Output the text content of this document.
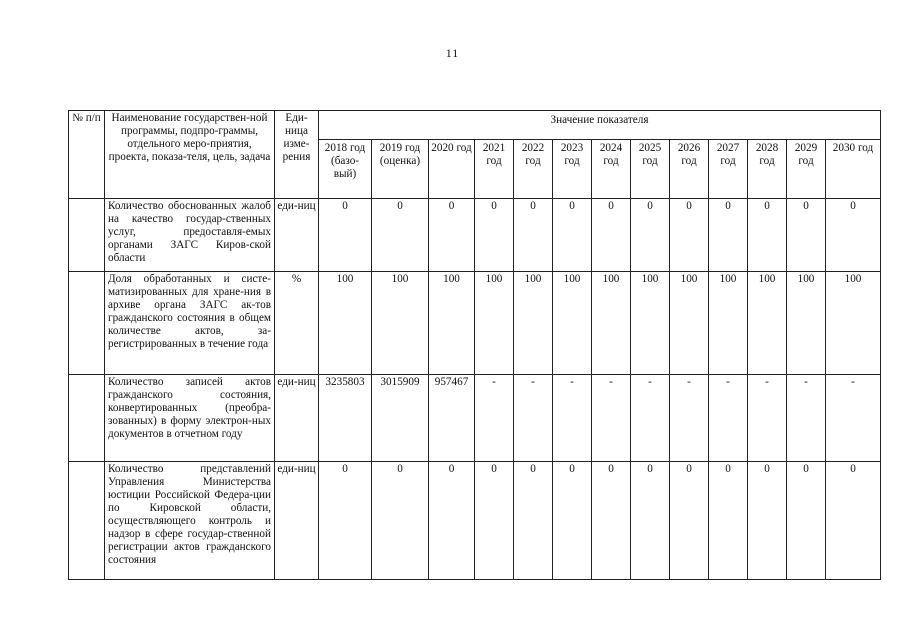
11
№ п/п	Наименование государствен-ной программы, подпро-граммы, отдельного меро-приятия, проекта, показа-теля, цель, задача	Еди-ница изме-рения	Значение показателя												

			2018 год (базо-вый)	2019 год (оценка)	2020 год	2021 год	2022 год	2023 год	2024 год	2025 год	2026 год	2027 год	2028 год	2029 год	2030 год

	Количество обоснованных жалоб на качество государ-ственных услуг, предоставля-емых органами ЗАГС Киров-ской области	еди-ниц	0	0	0	0	0	0	0	0	0	0	0	0	0

	Доля обработанных и систе-матизированных для хране-ния в архиве органа ЗАГС ак-тов гражданского состояния в общем количестве актов, за-регистрированных в течение года	%	100	100	100	100	100	100	100	100	100	100	100	100	100

	Количество записей актов гражданского состояния, конвертированных (преобра-зованных) в форму электрон-ных документов в отчетном году	еди-ниц	3235803	3015909	957467	-	-	-	-	-	-	-	-	-	-

	Количество представлений Управления Министерства юстиции Российской Федера-ции по Кировской области, осуществляющего контроль и надзор в сфере государ-ственной регистрации актов гражданского состояния	еди-ниц	0	0	0	0	0	0	0	0	0	0	0	0	0
